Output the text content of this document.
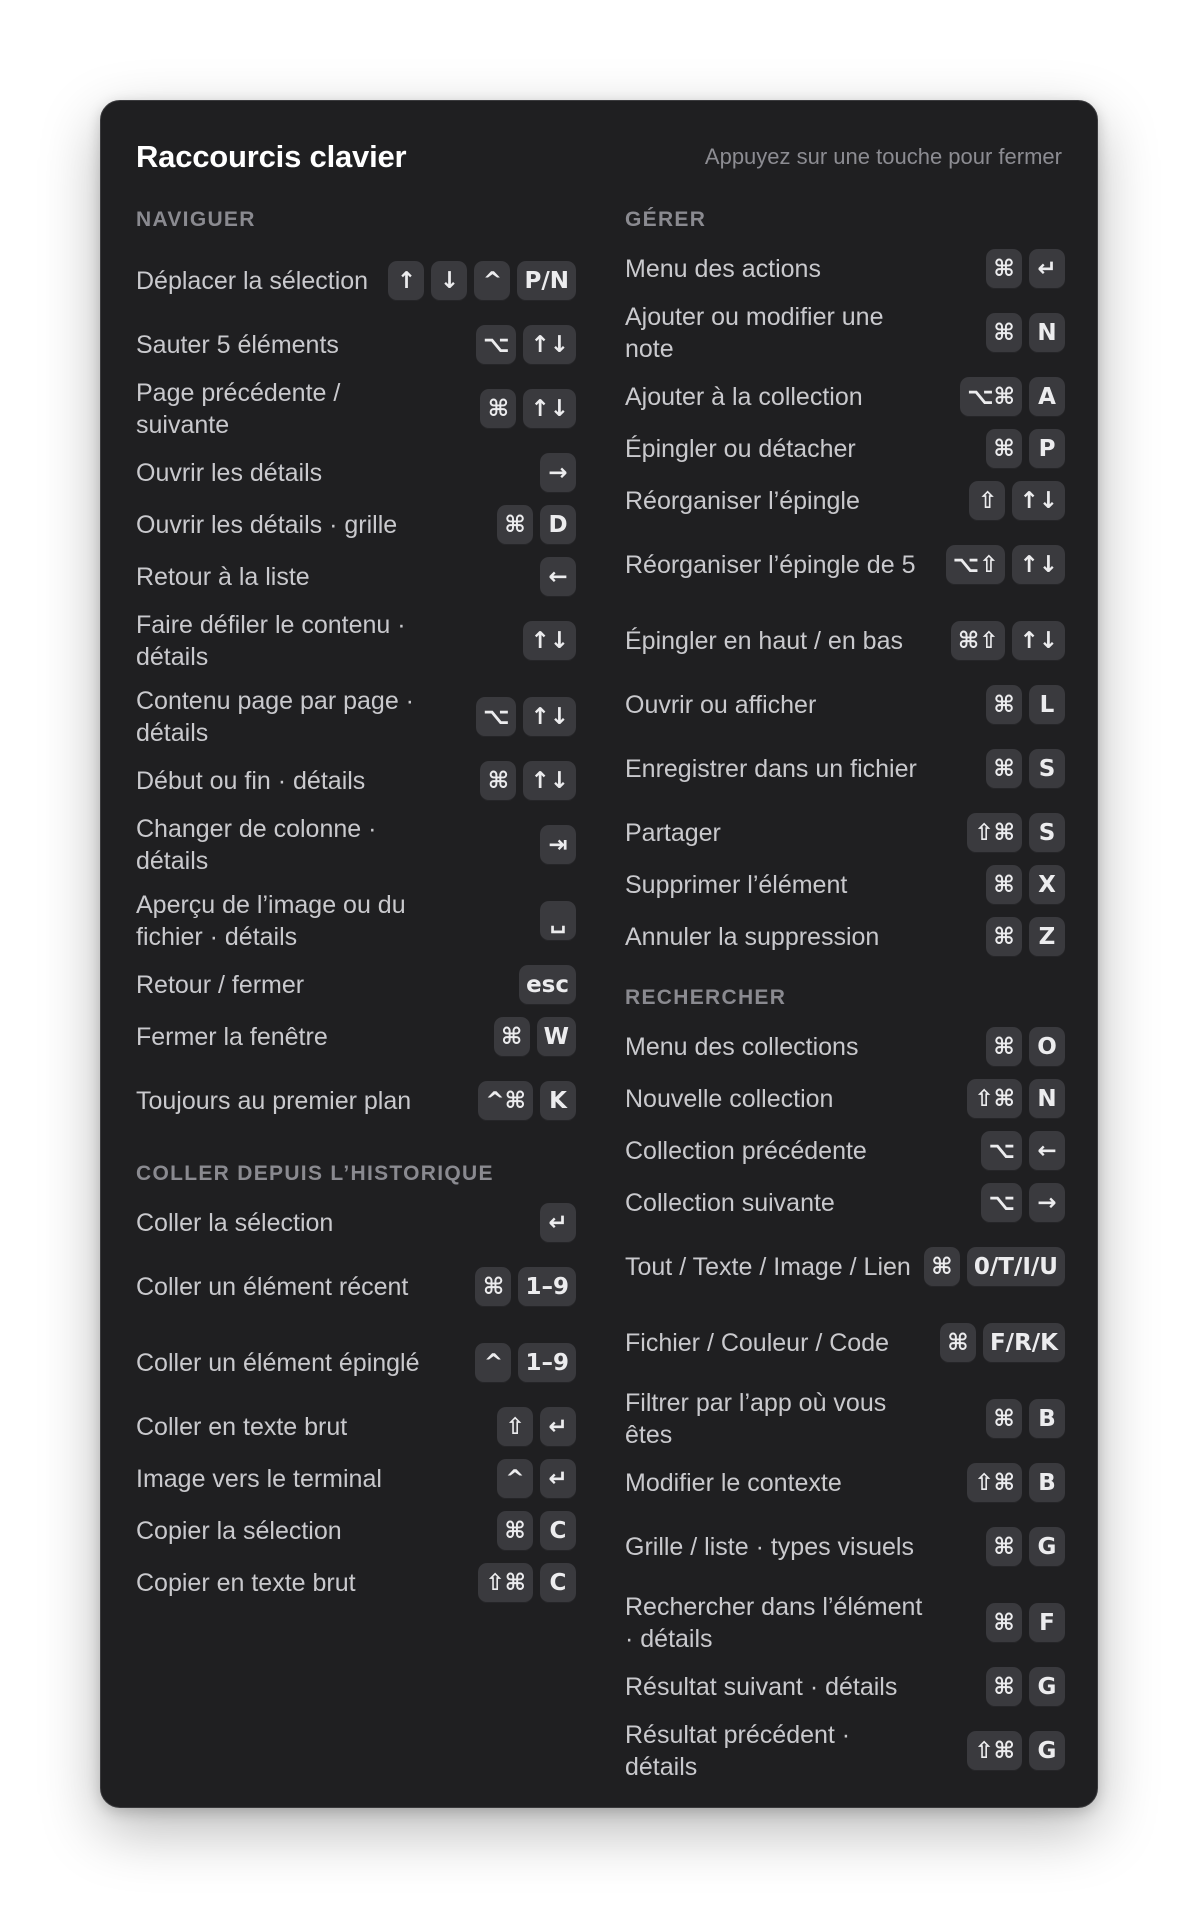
Raccourcis clavier	Appuyez sur une touche pour fermer
NAVIGUER
Déplacer la sélection	↑	↓	^ P/N
Sauter 5 éléments	⌥ ↑↓
Page précédente / suivante
⌘ ↑↓
Ouvrir les détails	→
Ouvrir les détails · grille	⌘ D
Retour à la liste	←
Faire défiler le contenu · détails
↑↓
Contenu page par page · détails
⌥ ↑↓
Début ou fin · détails	⌘ ↑↓
Changer de colonne · détails
⇥
Aperçu de l’image ou du fichier · détails
␣
Retour / fermer	esc
Fermer la fenêtre	⌘ W
Toujours au premier plan	^⌘	K
COLLER DEPUIS L’HISTORIQUE
Coller la sélection	↵
Coller un élément récent	⌘ 1–9
Coller un élément épinglé	^ 1–9
Coller en texte brut	⇧	↵
Image vers le terminal	^	↵
Copier la sélection	⌘	C
Copier en texte brut	⇧⌘	C
GÉRER
Menu des actions	⌘ ↵
Ajouter ou modifier une note
⌘ N
Ajouter à la collection	⌥⌘	A
Épingler ou détacher	⌘	P
Réorganiser l’épingle	⇧ ↑↓
Réorganiser l’épingle de 5	⌥⇧ ↑↓
Épingler en haut / en bas	⌘⇧ ↑↓
Ouvrir ou afficher	⌘	L
Enregistrer dans un fichier	⌘	S
Partager	⇧⌘	S
Supprimer l’élément	⌘	X
Annuler la suppression	⌘	Z
RECHERCHER
Menu des collections	⌘ O
Nouvelle collection	⇧⌘ N
Collection précédente	⌥ ←
Collection suivante	⌥ →
Tout / Texte / Image / Lien ⌘ 0/T/I/U
Fichier / Couleur / Code	⌘ F/R/K
Filtrer par l’app où vous êtes
⌘	B
Modifier le contexte	⇧⌘	B
Grille / liste · types visuels	⌘ G
Rechercher dans l’élément · détails
⌘	F
Résultat suivant · détails	⌘ G
Résultat précédent · détails
⇧⌘ G
